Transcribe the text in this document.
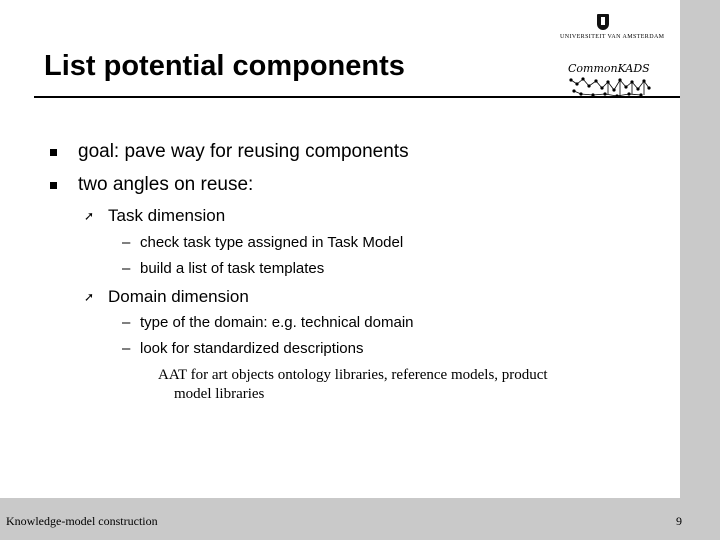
List potential components
UNIVERSITEIT VAN AMSTERDAM
CommonKADS
goal: pave way for reusing components
two angles on reuse:
➚ Task dimension
– check task type assigned in Task Model
– build a list of task templates
➚ Domain dimension
– type of the domain: e.g. technical domain
– look for standardized descriptions
AAT for art objects ontology libraries, reference models, product
model libraries
Knowledge-model construction	9
